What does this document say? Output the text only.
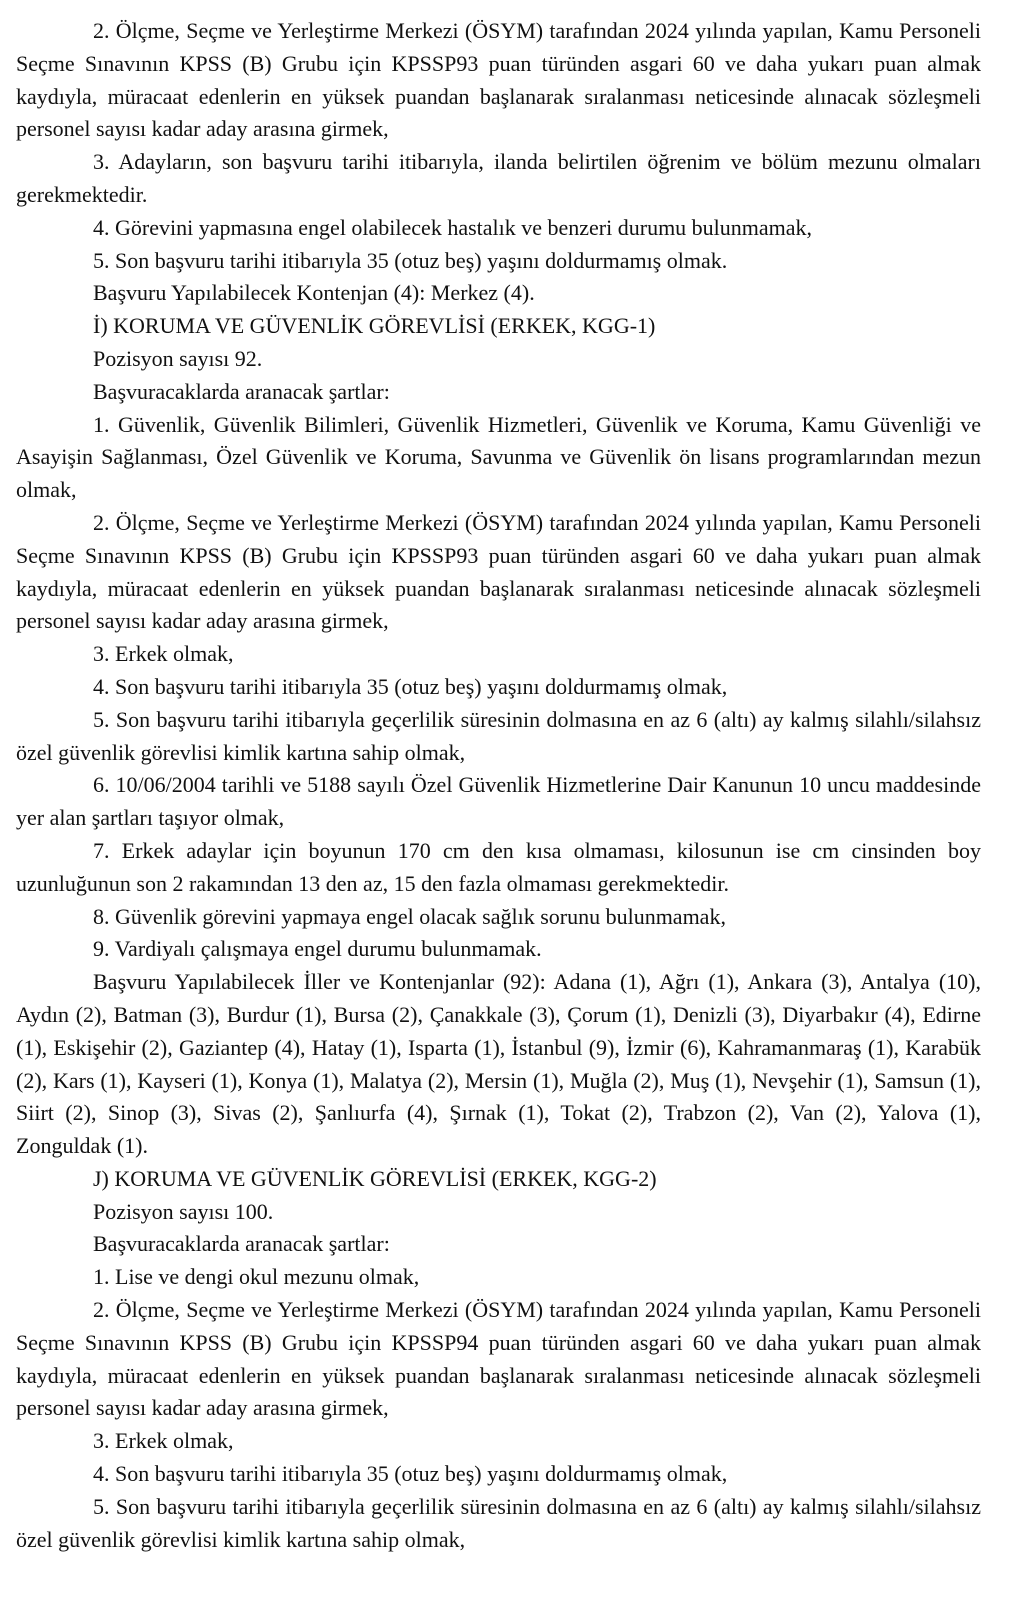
2. Ölçme, Seçme ve Yerleştirme Merkezi (ÖSYM) tarafından 2024 yılında yapılan, Kamu Personeli Seçme Sınavının KPSS (B) Grubu için KPSSP93 puan türünden asgari 60 ve daha yukarı puan almak kaydıyla, müracaat edenlerin en yüksek puandan başlanarak sıralanması neticesinde alınacak sözleşmeli personel sayısı kadar aday arasına girmek,

3. Adayların, son başvuru tarihi itibarıyla, ilanda belirtilen öğrenim ve bölüm mezunu olmaları gerekmektedir.

4. Görevini yapmasına engel olabilecek hastalık ve benzeri durumu bulunmamak,

5. Son başvuru tarihi itibarıyla 35 (otuz beş) yaşını doldurmamış olmak.

Başvuru Yapılabilecek Kontenjan (4): Merkez (4).

İ) KORUMA VE GÜVENLİK GÖREVLİSİ (ERKEK, KGG-1)

Pozisyon sayısı 92.

Başvuracaklarda aranacak şartlar:

1. Güvenlik, Güvenlik Bilimleri, Güvenlik Hizmetleri, Güvenlik ve Koruma, Kamu Güvenliği ve Asayişin Sağlanması, Özel Güvenlik ve Koruma, Savunma ve Güvenlik ön lisans programlarından mezun olmak,

2. Ölçme, Seçme ve Yerleştirme Merkezi (ÖSYM) tarafından 2024 yılında yapılan, Kamu Personeli Seçme Sınavının KPSS (B) Grubu için KPSSP93 puan türünden asgari 60 ve daha yukarı puan almak kaydıyla, müracaat edenlerin en yüksek puandan başlanarak sıralanması neticesinde alınacak sözleşmeli personel sayısı kadar aday arasına girmek,

3. Erkek olmak,

4. Son başvuru tarihi itibarıyla 35 (otuz beş) yaşını doldurmamış olmak,

5. Son başvuru tarihi itibarıyla geçerlilik süresinin dolmasına en az 6 (altı) ay kalmış silahlı/silahsız özel güvenlik görevlisi kimlik kartına sahip olmak,

6. 10/06/2004 tarihli ve 5188 sayılı Özel Güvenlik Hizmetlerine Dair Kanunun 10 uncu maddesinde yer alan şartları taşıyor olmak,

7. Erkek adaylar için boyunun 170 cm den kısa olmaması, kilosunun ise cm cinsinden boy uzunluğunun son 2 rakamından 13 den az, 15 den fazla olmaması gerekmektedir.

8. Güvenlik görevini yapmaya engel olacak sağlık sorunu bulunmamak,

9. Vardiyalı çalışmaya engel durumu bulunmamak.

Başvuru Yapılabilecek İller ve Kontenjanlar (92): Adana (1), Ağrı (1), Ankara (3), Antalya (10), Aydın (2), Batman (3), Burdur (1), Bursa (2), Çanakkale (3), Çorum (1), Denizli (3), Diyarbakır (4), Edirne (1), Eskişehir (2), Gaziantep (4), Hatay (1), Isparta (1), İstanbul (9), İzmir (6), Kahramanmaraş (1), Karabük (2), Kars (1), Kayseri (1), Konya (1), Malatya (2), Mersin (1), Muğla (2), Muş (1), Nevşehir (1), Samsun (1), Siirt (2), Sinop (3), Sivas (2), Şanlıurfa (4), Şırnak (1), Tokat (2), Trabzon (2), Van (2), Yalova (1), Zonguldak (1).

J) KORUMA VE GÜVENLİK GÖREVLİSİ (ERKEK, KGG-2)

Pozisyon sayısı 100.

Başvuracaklarda aranacak şartlar:

1. Lise ve dengi okul mezunu olmak,

2. Ölçme, Seçme ve Yerleştirme Merkezi (ÖSYM) tarafından 2024 yılında yapılan, Kamu Personeli Seçme Sınavının KPSS (B) Grubu için KPSSP94 puan türünden asgari 60 ve daha yukarı puan almak kaydıyla, müracaat edenlerin en yüksek puandan başlanarak sıralanması neticesinde alınacak sözleşmeli personel sayısı kadar aday arasına girmek,

3. Erkek olmak,

4. Son başvuru tarihi itibarıyla 35 (otuz beş) yaşını doldurmamış olmak,

5. Son başvuru tarihi itibarıyla geçerlilik süresinin dolmasına en az 6 (altı) ay kalmış silahlı/silahsız özel güvenlik görevlisi kimlik kartına sahip olmak,
